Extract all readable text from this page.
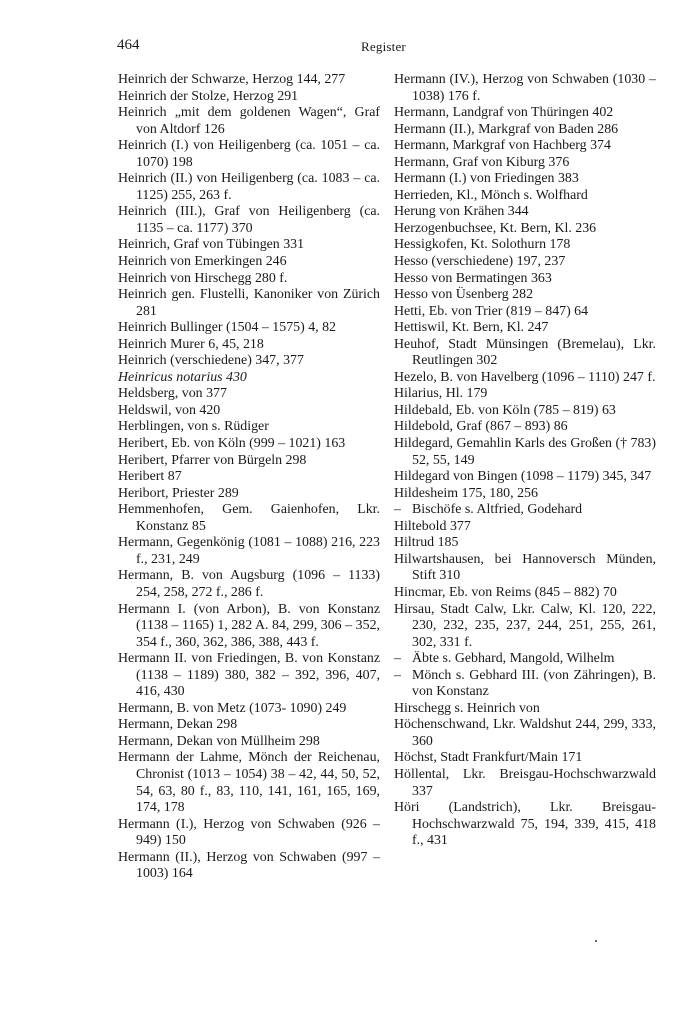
464	Register
Heinrich der Schwarze, Herzog 144, 277
Heinrich der Stolze, Herzog 291
Heinrich „mit dem goldenen Wagen“, Graf von Altdorf 126
Heinrich (I.) von Heiligenberg (ca. 1051 – ca. 1070) 198
Heinrich (II.) von Heiligenberg (ca. 1083 – ca. 1125) 255, 263 f.
Heinrich (III.), Graf von Heiligenberg (ca. 1135 – ca. 1177) 370
Heinrich, Graf von Tübingen 331
Heinrich von Emerkingen 246
Heinrich von Hirschegg 280 f.
Heinrich gen. Flustelli, Kanoniker von Zürich 281
Heinrich Bullinger (1504 – 1575) 4, 82
Heinrich Murer 6, 45, 218
Heinrich (verschiedene) 347, 377
Heinricus notarius 430
Heldsberg, von 377
Heldswil, von 420
Herblingen, von s. Rüdiger
Heribert, Eb. von Köln (999 – 1021) 163
Heribert, Pfarrer von Bürgeln 298
Heribert 87
Heribort, Priester 289
Hemmenhofen, Gem. Gaienhofen, Lkr. Konstanz 85
Hermann, Gegenkönig (1081 – 1088) 216, 223 f., 231, 249
Hermann, B. von Augsburg (1096 – 1133) 254, 258, 272 f., 286 f.
Hermann I. (von Arbon), B. von Konstanz (1138 – 1165) 1, 282 A. 84, 299, 306 – 352, 354 f., 360, 362, 386, 388, 443 f.
Hermann II. von Friedingen, B. von Konstanz (1138 – 1189) 380, 382 – 392, 396, 407, 416, 430
Hermann, B. von Metz (1073- 1090) 249
Hermann, Dekan 298
Hermann, Dekan von Müllheim 298
Hermann der Lahme, Mönch der Reichenau, Chronist (1013 – 1054) 38 – 42, 44, 50, 52, 54, 63, 80 f., 83, 110, 141, 161, 165, 169, 174, 178
Hermann (I.), Herzog von Schwaben (926 – 949) 150
Hermann (II.), Herzog von Schwaben (997 – 1003) 164
Hermann (IV.), Herzog von Schwaben (1030 – 1038) 176 f.
Hermann, Landgraf von Thüringen 402
Hermann (II.), Markgraf von Baden 286
Hermann, Markgraf von Hachberg 374
Hermann, Graf von Kiburg 376
Hermann (I.) von Friedingen 383
Herrieden, Kl., Mönch s. Wolfhard
Herung von Krähen 344
Herzogenbuchsee, Kt. Bern, Kl. 236
Hessigkofen, Kt. Solothurn 178
Hesso (verschiedene) 197, 237
Hesso von Bermatingen 363
Hesso von Üsenberg 282
Hetti, Eb. von Trier (819 – 847) 64
Hettiswil, Kt. Bern, Kl. 247
Heuhof, Stadt Münsingen (Bremelau), Lkr. Reutlingen 302
Hezelo, B. von Havelberg (1096 – 1110) 247 f.
Hilarius, Hl. 179
Hildebald, Eb. von Köln (785 – 819) 63
Hildebold, Graf (867 – 893) 86
Hildegard, Gemahlin Karls des Großen († 783) 52, 55, 149
Hildegard von Bingen (1098 – 1179) 345, 347
Hildesheim 175, 180, 256
– Bischöfe s. Altfried, Godehard
Hiltebold 377
Hiltrud 185
Hilwartshausen, bei Hannoversch Münden, Stift 310
Hincmar, Eb. von Reims (845 – 882) 70
Hirsau, Stadt Calw, Lkr. Calw, Kl. 120, 222, 230, 232, 235, 237, 244, 251, 255, 261, 302, 331 f.
– Äbte s. Gebhard, Mangold, Wilhelm
– Mönch s. Gebhard III. (von Zähringen), B. von Konstanz
Hirschegg s. Heinrich von
Höchenschwand, Lkr. Waldshut 244, 299, 333, 360
Höchst, Stadt Frankfurt/Main 171
Höllental, Lkr. Breisgau-Hochschwarzwald 337
Höri (Landstrich), Lkr. Breisgau-Hochschwarzwald 75, 194, 339, 415, 418 f., 431
